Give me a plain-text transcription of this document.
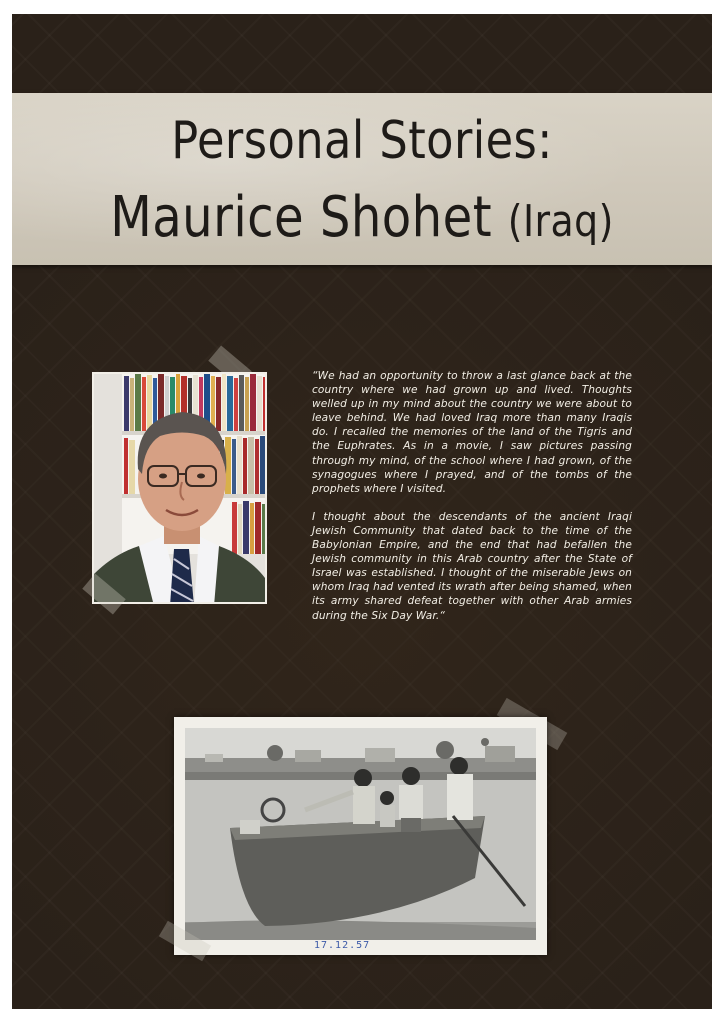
Personal Stories:
Maurice Shohet (Iraq)

“We had an opportunity to throw a last glance back at the country where we had grown up and lived. Thoughts welled up in my mind about the country we were about to leave behind. We had loved Iraq more than many Iraqis do. I recalled the memories of the land of the Tigris and the Euphrates. As in a movie, I saw pictures passing through my mind, of the school where I had grown, of the synagogues where I prayed, and of the tombs of the prophets where I visited.

I thought about the descendants of the ancient Iraqi Jewish Community that dated back to the time of the Babylonian Empire, and the end that had befallen the Jewish community in this Arab country after the State of Israel was established. I thought of the miserable Jews on whom Iraq had vented its wrath after being shamed, when its army shared defeat together with other Arab armies during the Six Day War.“

17.12.57
